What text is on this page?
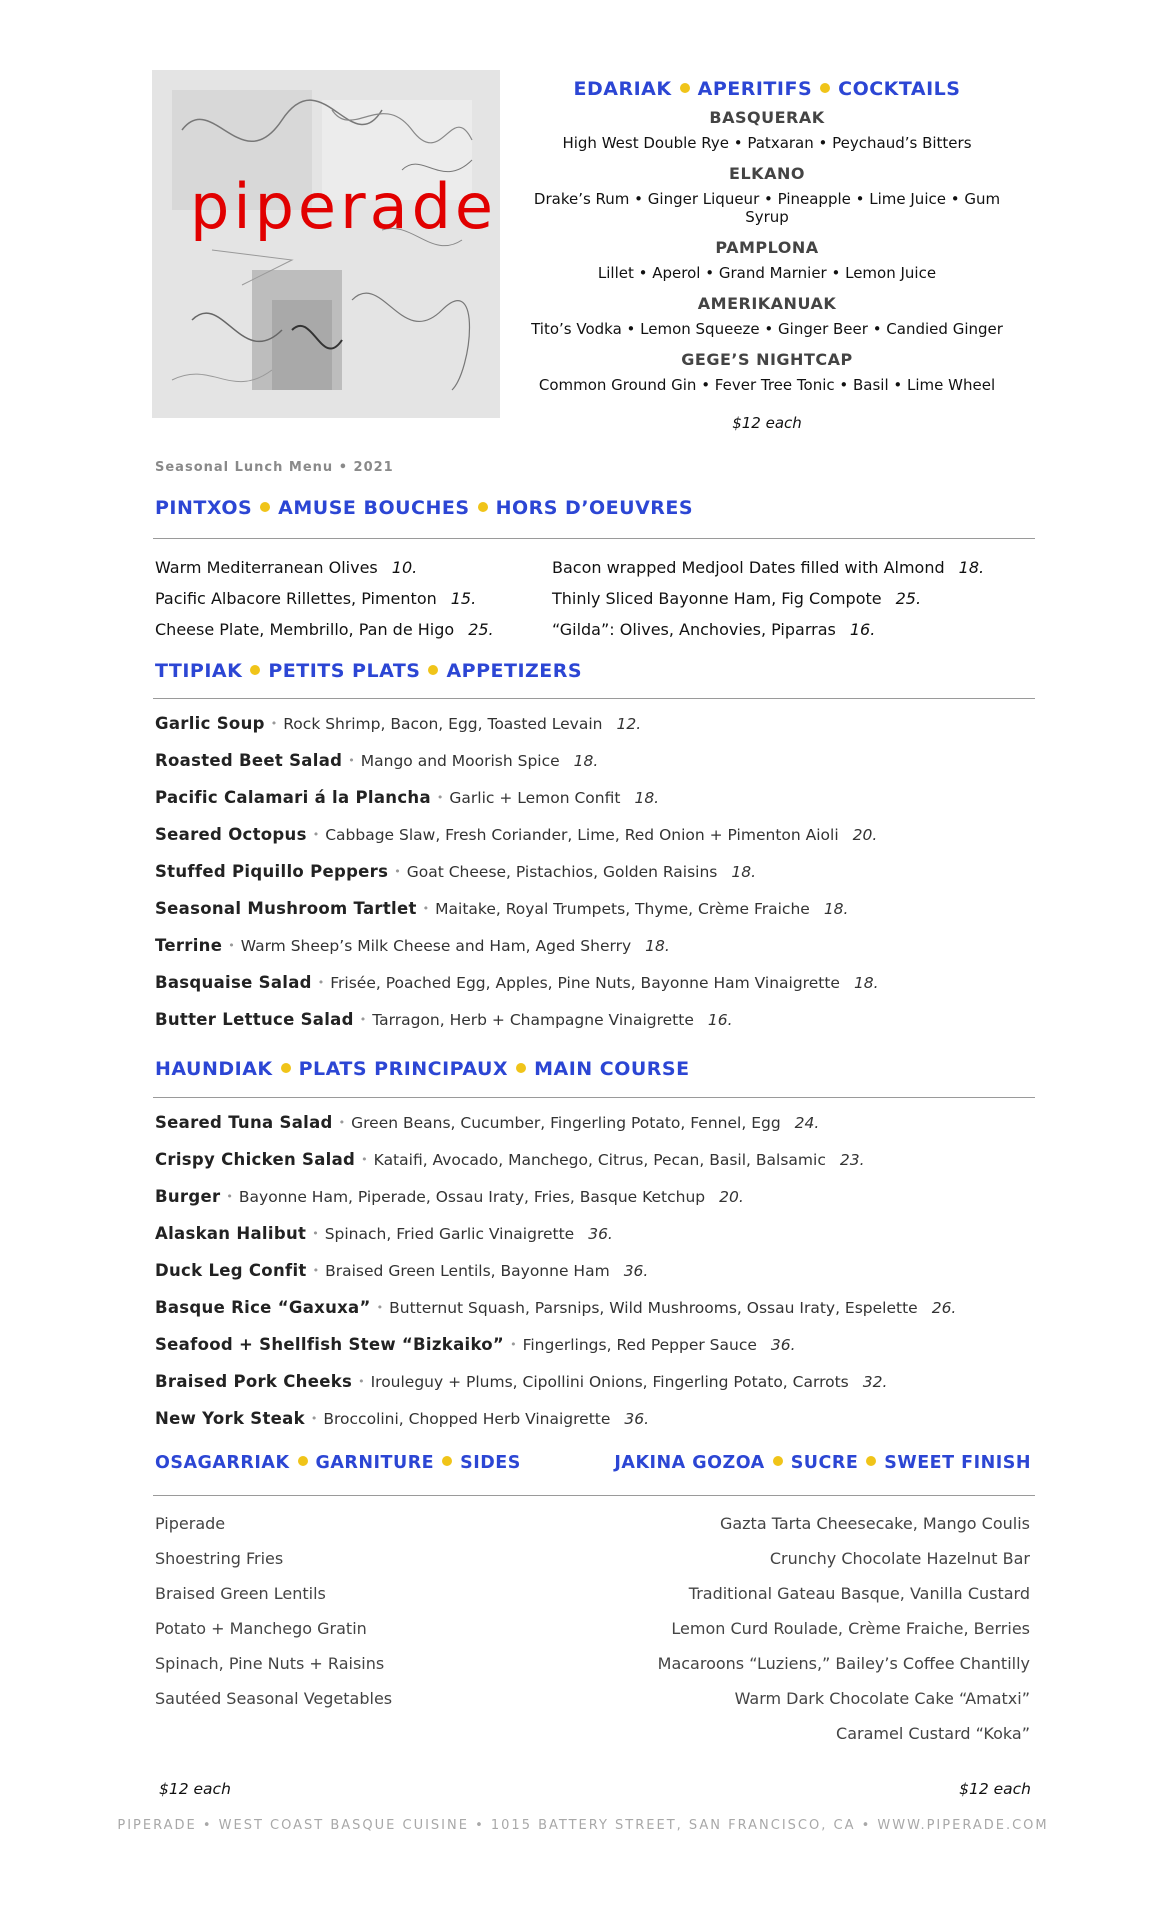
piperade
EDARIAK APERITIFS COCKTAILS
BASQUERAK
High West Double Rye • Patxaran • Peychaud’s Bitters
ELKANO
Drake’s Rum • Ginger Liqueur • Pineapple • Lime Juice • Gum Syrup
PAMPLONA
Lillet • Aperol • Grand Marnier • Lemon Juice
AMERIKANUAK
Tito’s Vodka • Lemon Squeeze • Ginger Beer • Candied Ginger
GEGE’S NIGHTCAP
Common Ground Gin • Fever Tree Tonic • Basil • Lime Wheel
$12 each
Seasonal Lunch Menu • 2021
PINTXOS AMUSE BOUCHES HORS D’OEUVRES
Warm Mediterranean Olives 10.
Pacific Albacore Rillettes, Pimenton 15.
Cheese Plate, Membrillo, Pan de Higo 25.
Bacon wrapped Medjool Dates filled with Almond 18.
Thinly Sliced Bayonne Ham, Fig Compote 25.
“Gilda”: Olives, Anchovies, Piparras 16.
TTIPIAK PETITS PLATS APPETIZERS
Garlic Soup • Rock Shrimp, Bacon, Egg, Toasted Levain 12.
Roasted Beet Salad • Mango and Moorish Spice 18.
Pacific Calamari á la Plancha • Garlic + Lemon Confit 18.
Seared Octopus • Cabbage Slaw, Fresh Coriander, Lime, Red Onion + Pimenton Aioli 20.
Stuffed Piquillo Peppers • Goat Cheese, Pistachios, Golden Raisins 18.
Seasonal Mushroom Tartlet • Maitake, Royal Trumpets, Thyme, Crème Fraiche 18.
Terrine • Warm Sheep’s Milk Cheese and Ham, Aged Sherry 18.
Basquaise Salad • Frisée, Poached Egg, Apples, Pine Nuts, Bayonne Ham Vinaigrette 18.
Butter Lettuce Salad • Tarragon, Herb + Champagne Vinaigrette 16.
HAUNDIAK PLATS PRINCIPAUX MAIN COURSE
Seared Tuna Salad • Green Beans, Cucumber, Fingerling Potato, Fennel, Egg 24.
Crispy Chicken Salad • Kataifi, Avocado, Manchego, Citrus, Pecan, Basil, Balsamic 23.
Burger • Bayonne Ham, Piperade, Ossau Iraty, Fries, Basque Ketchup 20.
Alaskan Halibut • Spinach, Fried Garlic Vinaigrette 36.
Duck Leg Confit • Braised Green Lentils, Bayonne Ham 36.
Basque Rice “Gaxuxa” • Butternut Squash, Parsnips, Wild Mushrooms, Ossau Iraty, Espelette 26.
Seafood + Shellfish Stew “Bizkaiko” • Fingerlings, Red Pepper Sauce 36.
Braised Pork Cheeks • Irouleguy + Plums, Cipollini Onions, Fingerling Potato, Carrots 32.
New York Steak • Broccolini, Chopped Herb Vinaigrette 36.
OSAGARRIAK GARNITURE SIDES	JAKINA GOZOA SUCRE SWEET FINISH
Piperade
Shoestring Fries
Braised Green Lentils
Potato + Manchego Gratin
Spinach, Pine Nuts + Raisins
Sautéed Seasonal Vegetables
Gazta Tarta Cheesecake, Mango Coulis
Crunchy Chocolate Hazelnut Bar
Traditional Gateau Basque, Vanilla Custard
Lemon Curd Roulade, Crème Fraiche, Berries
Macaroons “Luziens,” Bailey’s Coffee Chantilly
Warm Dark Chocolate Cake “Amatxi”
Caramel Custard “Koka”
$12 each	$12 each
PIPERADE • WEST COAST BASQUE CUISINE • 1015 BATTERY STREET, SAN FRANCISCO, CA • WWW.PIPERADE.COM
